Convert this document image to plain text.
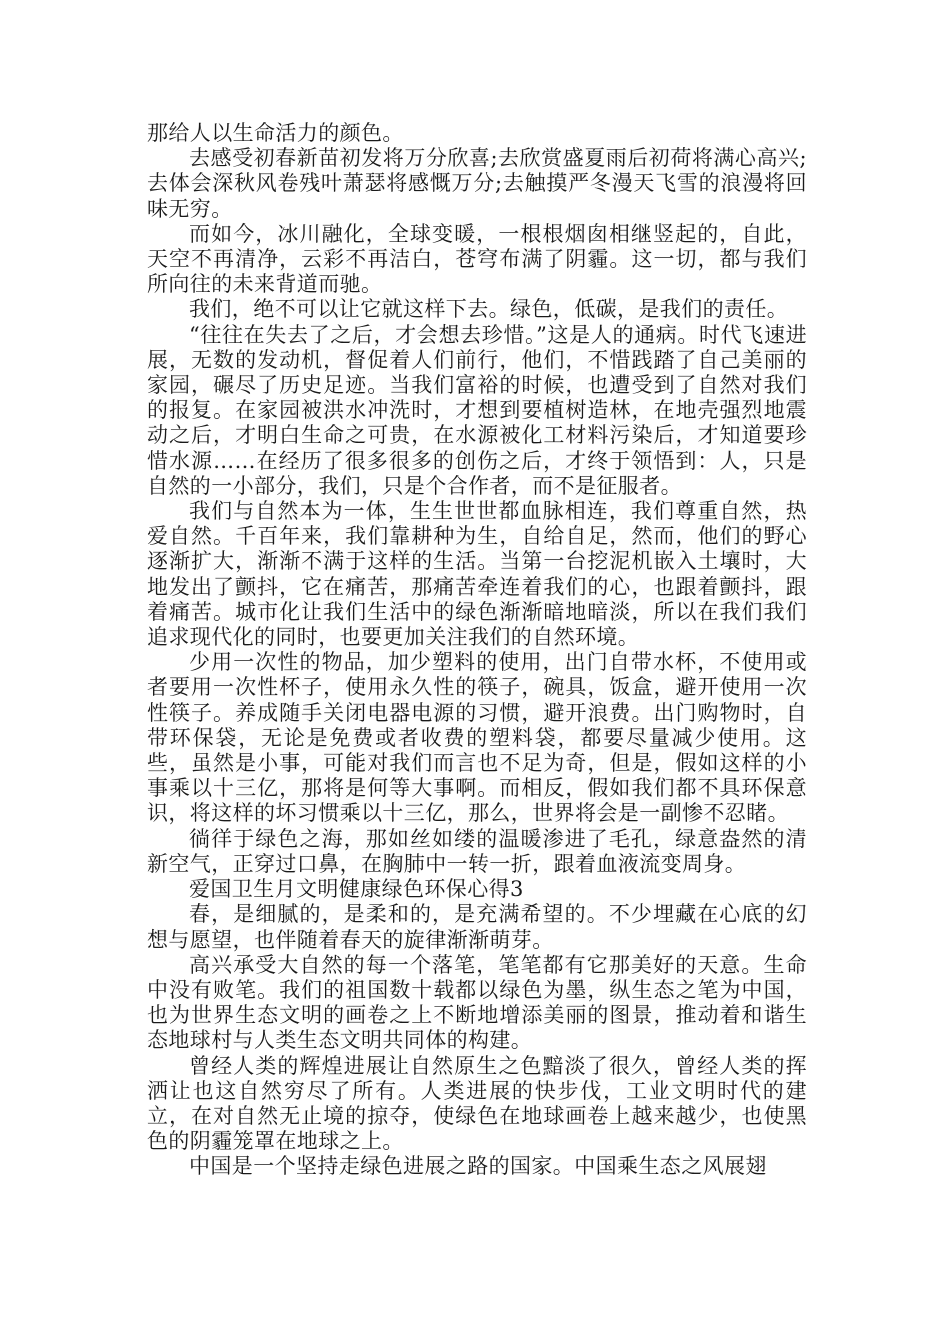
那给人以生命活力的颜色。

去感受初春新苗初发将万分欣喜;去欣赏盛夏雨后初荷将满心高兴;去体会深秋风卷残叶萧瑟将感慨万分;去触摸严冬漫天飞雪的浪漫将回味无穷。

而如今，冰川融化，全球变暖，一根根烟囱相继竖起的，自此，天空不再清净，云彩不再洁白，苍穹布满了阴霾。这一切，都与我们所向往的未来背道而驰。

我们，绝不可以让它就这样下去。绿色，低碳，是我们的责任。

“往往在失去了之后，才会想去珍惜。”这是人的通病。时代飞速进展，无数的发动机，督促着人们前行，他们，不惜践踏了自己美丽的家园，碾尽了历史足迹。当我们富裕的时候，也遭受到了自然对我们的报复。在家园被洪水冲洗时，才想到要植树造林，在地壳强烈地震动之后，才明白生命之可贵，在水源被化工材料污染后，才知道要珍惜水源……在经历了很多很多的创伤之后，才终于领悟到：人，只是自然的一小部分，我们，只是个合作者，而不是征服者。

我们与自然本为一体，生生世世都血脉相连，我们尊重自然，热爱自然。千百年来，我们靠耕种为生，自给自足，然而，他们的野心逐渐扩大，渐渐不满于这样的生活。当第一台挖泥机嵌入土壤时，大地发出了颤抖，它在痛苦，那痛苦牵连着我们的心，也跟着颤抖，跟着痛苦。城市化让我们生活中的绿色渐渐暗地暗淡，所以在我们我们追求现代化的同时，也要更加关注我们的自然环境。

少用一次性的物品，加少塑料的使用，出门自带水杯，不使用或者要用一次性杯子，使用永久性的筷子，碗具，饭盒，避开使用一次性筷子。养成随手关闭电器电源的习惯，避开浪费。出门购物时，自带环保袋，无论是免费或者收费的塑料袋，都要尽量减少使用。这些，虽然是小事，可能对我们而言也不足为奇，但是，假如这样的小事乘以十三亿，那将是何等大事啊。而相反，假如我们都不具环保意识，将这样的坏习惯乘以十三亿，那么，世界将会是一副惨不忍睹。

徜徉于绿色之海，那如丝如缕的温暖渗进了毛孔，绿意盎然的清新空气，正穿过口鼻，在胸肺中一转一折，跟着血液流变周身。

爱国卫生月文明健康绿色环保心得3

春，是细腻的，是柔和的，是充满希望的。不少埋藏在心底的幻想与愿望，也伴随着春天的旋律渐渐萌芽。

高兴承受大自然的每一个落笔，笔笔都有它那美好的天意。生命中没有败笔。我们的祖国数十载都以绿色为墨，纵生态之笔为中国，也为世界生态文明的画卷之上不断地增添美丽的图景，推动着和谐生态地球村与人类生态文明共同体的构建。

曾经人类的辉煌进展让自然原生之色黯淡了很久，曾经人类的挥洒让也这自然穷尽了所有。人类进展的快步伐，工业文明时代的建立，在对自然无止境的掠夺，使绿色在地球画卷上越来越少，也使黑色的阴霾笼罩在地球之上。

中国是一个坚持走绿色进展之路的国家。中国乘生态之风展翅
